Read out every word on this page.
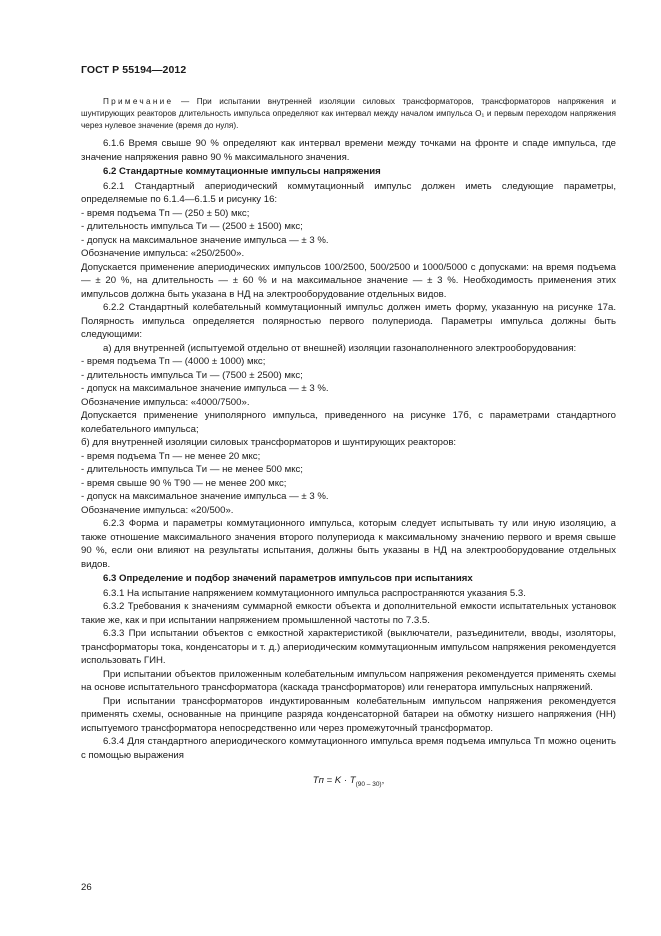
ГОСТ Р 55194—2012
Примечание — При испытании внутренней изоляции силовых трансформаторов, трансформаторов напряжения и шунтирующих реакторов длительность импульса определяют как интервал между началом импульса O₁ и первым переходом напряжения через нулевое значение (время до нуля).

6.1.6 Время свыше 90 % определяют как интервал времени между точками на фронте и спаде импульса, где значение напряжения равно 90 % максимального значения.

6.2 Стандартные коммутационные импульсы напряжения

6.2.1 Стандартный апериодический коммутационный импульс должен иметь следующие параметры, определяемые по 6.1.4—6.1.5 и рисунку 16:

- время подъема Tп — (250 ± 50) мкс;

- длительность импульса Tи — (2500 ± 1500) мкс;

- допуск на максимальное значение импульса — ± 3 %.

Обозначение импульса: «250/2500».

Допускается применение апериодических импульсов 100/2500, 500/2500 и 1000/5000 с допусками: на время подъема — ± 20 %, на длительность — ± 60 % и на максимальное значение — ± 3 %. Необходимость применения этих импульсов должна быть указана в НД на электрооборудование отдельных видов.

6.2.2 Стандартный колебательный коммутационный импульс должен иметь форму, указанную на рисунке 17а. Полярность импульса определяется полярностью первого полупериода. Параметры импульса должны быть следующими:

а) для внутренней (испытуемой отдельно от внешней) изоляции газонаполненного электрооборудования:

- время подъема Tп — (4000 ± 1000) мкс;

- длительность импульса Tи — (7500 ± 2500) мкс;

- допуск на максимальное значение импульса — ± 3 %.

Обозначение импульса: «4000/7500».

Допускается применение униполярного импульса, приведенного на рисунке 17б, с параметрами стандартного колебательного импульса;

б) для внутренней изоляции силовых трансформаторов и шунтирующих реакторов:

- время подъема Tп — не менее 20 мкс;

- длительность импульса Tи — не менее 500 мкс;

- время свыше 90 % T90 — не менее 200 мкс;

- допуск на максимальное значение импульса — ± 3 %.

Обозначение импульса: «20/500».

6.2.3 Форма и параметры коммутационного импульса, которым следует испытывать ту или иную изоляцию, а также отношение максимального значения второго полупериода к максимальному значению первого и время свыше 90 %, если они влияют на результаты испытания, должны быть указаны в НД на электрооборудование отдельных видов.

6.3 Определение и подбор значений параметров импульсов при испытаниях

6.3.1 На испытание напряжением коммутационного импульса распространяются указания 5.3.

6.3.2 Требования к значениям суммарной емкости объекта и дополнительной емкости испытательных установок такие же, как и при испытании напряжением промышленной частоты по 7.3.5.

6.3.3 При испытании объектов с емкостной характеристикой (выключатели, разъединители, вводы, изоляторы, трансформаторы тока, конденсаторы и т. д.) апериодическим коммутационным импульсом напряжения рекомендуется использовать ГИН.

При испытании объектов приложенным колебательным импульсом напряжения рекомендуется применять схемы на основе испытательного трансформатора (каскада трансформаторов) или генератора импульсных напряжений.

При испытании трансформаторов индуктированным колебательным импульсом напряжения рекомендуется применять схемы, основанные на принципе разряда конденсаторной батареи на обмотку низшего напряжения (НН) испытуемого трансформатора непосредственно или через промежуточный трансформатор.

6.3.4 Для стандартного апериодического коммутационного импульса время подъема импульса Tп можно оценить с помощью выражения

Tп = $K \cdot T_{(90 - 30)}$,
26
